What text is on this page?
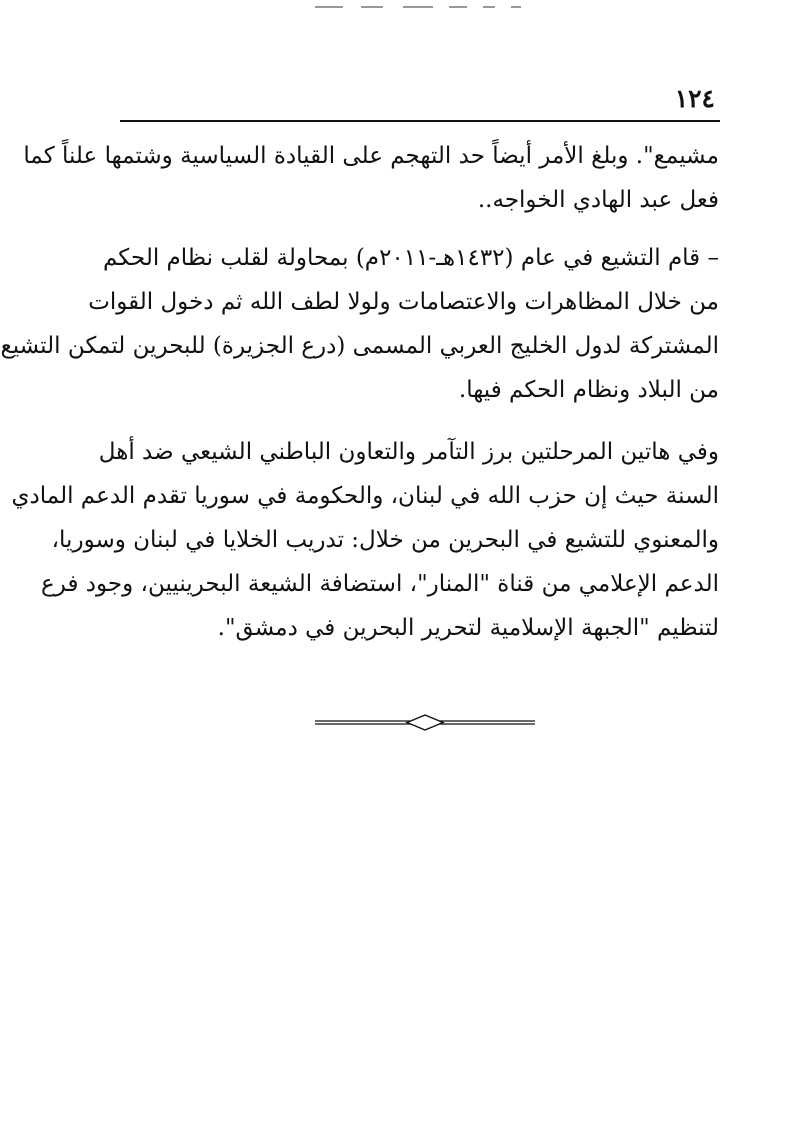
١٢٤
مشيمع". وبلغ الأمر أيضاً حد التهجم على القيادة السياسية وشتمها علناً كما
فعل عبد الهادي الخواجه..
– قام التشيع في عام (١٤٣٢هـ-٢٠١١م) بمحاولة لقلب نظام الحكم
من خلال المظاهرات والاعتصامات ولولا لطف الله ثم دخول القوات
المشتركة لدول الخليج العربي المسمى (درع الجزيرة) للبحرين لتمكن التشيع
من البلاد ونظام الحكم فيها.
وفي هاتين المرحلتين برز التآمر والتعاون الباطني الشيعي ضد أهل
السنة حيث إن حزب الله في لبنان، والحكومة في سوريا تقدم الدعم المادي
والمعنوي للتشيع في البحرين من خلال: تدريب الخلايا في لبنان وسوريا،
الدعم الإعلامي من قناة "المنار"، استضافة الشيعة البحرينيين، وجود فرع
لتنظيم "الجبهة الإسلامية لتحرير البحرين في دمشق".
